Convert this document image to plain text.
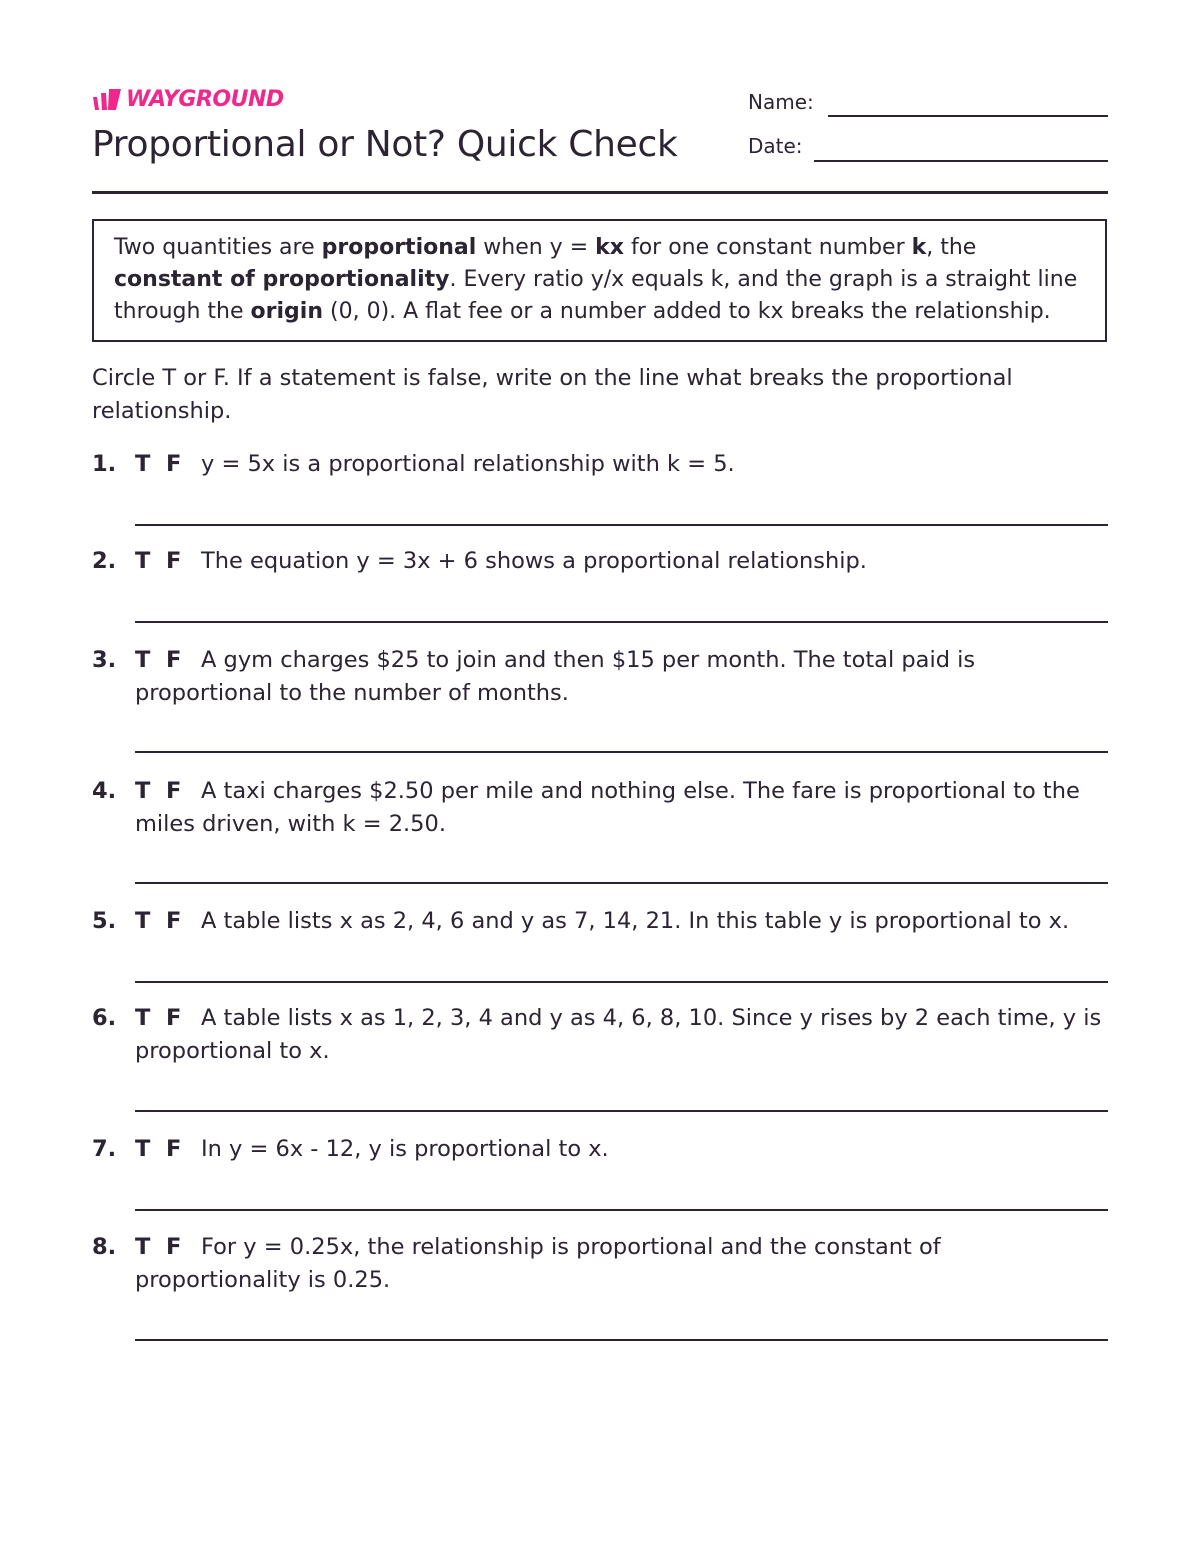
WAYGROUND
Proportional or Not? Quick Check
Name:
Date:
Two quantities are proportional when y = kx for one constant number k, the constant of proportionality. Every ratio y/x equals k, and the graph is a straight line through the origin (0, 0). A flat fee or a number added to kx breaks the relationship.
Circle T or F. If a statement is false, write on the line what breaks the proportional relationship.
1. T  F y = 5x is a proportional relationship with k = 5.
2. T  F The equation y = 3x + 6 shows a proportional relationship.
3. T  F A gym charges $25 to join and then $15 per month. The total paid is proportional to the number of months.
4. T  F A taxi charges $2.50 per mile and nothing else. The fare is proportional to the miles driven, with k = 2.50.
5. T  F A table lists x as 2, 4, 6 and y as 7, 14, 21. In this table y is proportional to x.
6. T  F A table lists x as 1, 2, 3, 4 and y as 4, 6, 8, 10. Since y rises by 2 each time, y is proportional to x.
7. T  F In y = 6x - 12, y is proportional to x.
8. T  F For y = 0.25x, the relationship is proportional and the constant of proportionality is 0.25.
